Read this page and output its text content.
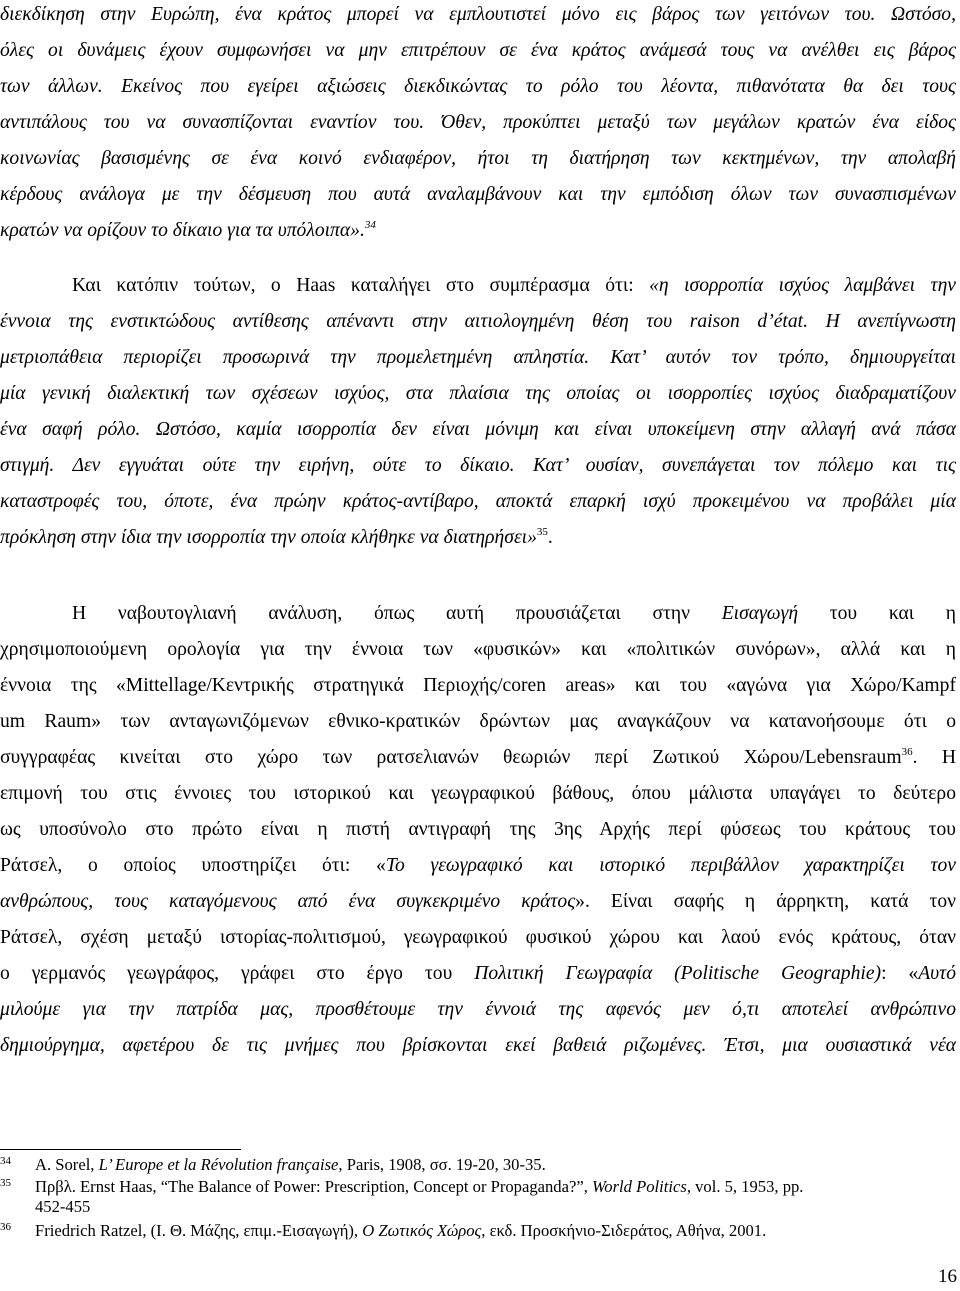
διεκδίκηση στην Ευρώπη, ένα κράτος μπορεί να εμπλουτιστεί μόνο εις βάρος των γειτόνων του. Ωστόσο,
όλες οι δυνάμεις έχουν συμφωνήσει να μην επιτρέπουν σε ένα κράτος ανάμεσά τους να ανέλθει εις βάρος
των άλλων. Εκείνος που εγείρει αξιώσεις διεκδικώντας το ρόλο του λέοντα, πιθανότατα θα δει τους
αντιπάλους του να συνασπίζονται εναντίον του. Όθεν, προκύπτει μεταξύ των μεγάλων κρατών ένα είδος
κοινωνίας βασισμένης σε ένα κοινό ενδιαφέρον, ήτοι τη διατήρηση των κεκτημένων, την απολαβή
κέρδους ανάλογα με την δέσμευση που αυτά αναλαμβάνουν και την εμπόδιση όλων των συνασπισμένων
κρατών να ορίζουν το δίκαιο για τα υπόλοιπα».$^{34}$
Και κατόπιν τούτων, ο Haas καταλήγει στο συμπέρασμα ότι: «η ισορροπία ισχύος λαμβάνει την
έννοια της ενστικτώδους αντίθεσης απέναντι στην αιτιολογημένη θέση του raison d’état. Η ανεπίγνωστη
μετριοπάθεια περιορίζει προσωρινά την προμελετημένη απληστία. Κατ’ αυτόν τον τρόπο, δημιουργείται
μία γενική διαλεκτική των σχέσεων ισχύος, στα πλαίσια της οποίας οι ισορροπίες ισχύος διαδραματίζουν
ένα σαφή ρόλο. Ωστόσο, καμία ισορροπία δεν είναι μόνιμη και είναι υποκείμενη στην αλλαγή ανά πάσα
στιγμή. Δεν εγγυάται ούτε την ειρήνη, ούτε το δίκαιο. Κατ’ ουσίαν, συνεπάγεται τον πόλεμο και τις
καταστροφές του, όποτε, ένα πρώην κράτος-αντίβαρο, αποκτά επαρκή ισχύ προκειμένου να προβάλει μία
πρόκληση στην ίδια την ισορροπία την οποία κλήθηκε να διατηρήσει»$^{35}$.
Η ναβουτογλιανή ανάλυση, όπως αυτή προυσιάζεται στην Εισαγωγή του και η
χρησιμοποιούμενη ορολογία για την έννοια των «φυσικών» και «πολιτικών συνόρων», αλλά και η
έννοια της «Mittellage/Κεντρικής στρατηγικά Περιοχής/coren areas» και του «αγώνα για Χώρο/Kampf
um Raum» των ανταγωνιζόμενων εθνικο-κρατικών δρώντων μας αναγκάζουν να κατανοήσουμε ότι ο
συγγραφέας κινείται στο χώρο των ρατσελιανών θεωριών περί Ζωτικού Χώρου/Lebensraum$^{36}$. Η
επιμονή του στις έννοιες του ιστορικού και γεωγραφικού βάθους, όπου μάλιστα υπαγάγει το δεύτερο
ως υποσύνολο στο πρώτο είναι η πιστή αντιγραφή της 3ης Αρχής περί φύσεως του κράτους του
Ράτσελ, ο οποίος υποστηρίζει ότι: «Το γεωγραφικό και ιστορικό περιβάλλον χαρακτηρίζει τον
ανθρώπους, τους καταγόμενους από ένα συγκεκριμένο κράτος». Είναι σαφής η άρρηκτη, κατά τον
Ράτσελ, σχέση μεταξύ ιστορίας-πολιτισμού, γεωγραφικού φυσικού χώρου και λαού ενός κράτους, όταν
ο γερμανός γεωγράφος, γράφει στο έργο του Πολιτική Γεωγραφία (Politische Geographie): «Αυτό
μιλούμε για την πατρίδα μας, προσθέτουμε την έννοιά της αφενός μεν ό,τι αποτελεί ανθρώπινο
δημιούργημα, αφετέρου δε τις μνήμες που βρίσκονται εκεί βαθειά ριζωμένες. Έτσι, μια ουσιαστικά νέα
34 A. Sorel, L’ Europe et la Révolution française, Paris, 1908, σσ. 19-20, 30-35.
35 Πρβλ. Ernst Haas, “The Balance of Power: Prescription, Concept or Propaganda?”, World Politics, vol. 5, 1953, pp.
452-455
36 Friedrich Ratzel, (Ι. Θ. Μάζης, επιμ.-Εισαγωγή), Ο Ζωτικός Χώρος, εκδ. Προσκήνιο-Σιδεράτος, Αθήνα, 2001.
16
